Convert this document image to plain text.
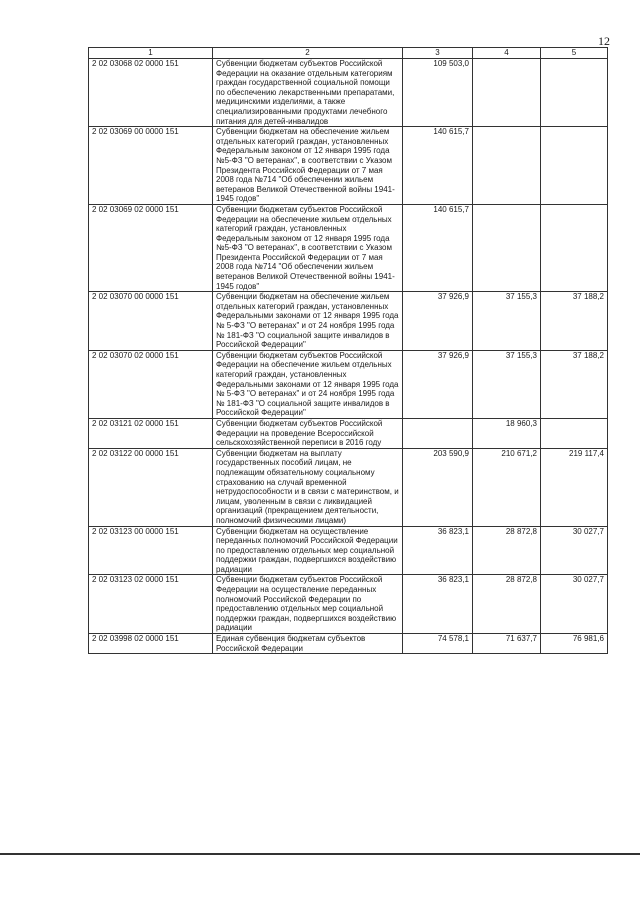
12
1	2	3	4	5
2 02 03068 02 0000 151	Субвенции бюджетам субъектов Российской Федерации на оказание отдельным категориям граждан государственной социальной помощи по обеспечению лекарственными препаратами, медицинскими изделиями, а также специализированными продуктами лечебного питания для детей-инвалидов	109 503,0		
2 02 03069 00 0000 151	Субвенции бюджетам на обеспечение жильем отдельных категорий граждан, установленных Федеральным законом от 12 января 1995 года №5-ФЗ "О ветеранах", в соответствии с Указом Президента Российской Федерации от 7 мая 2008 года №714 "Об обеспечении жильем ветеранов Великой Отечественной войны 1941-1945 годов"	140 615,7		
2 02 03069 02 0000 151	Субвенции бюджетам субъектов Российской Федерации на обеспечение жильем отдельных категорий граждан, установленных Федеральным законом от 12 января 1995 года №5-ФЗ "О ветеранах", в соответствии с Указом Президента Российской Федерации от 7 мая 2008 года №714 "Об обеспечении жильем ветеранов Великой Отечественной войны 1941-1945 годов"	140 615,7		
2 02 03070 00 0000 151	Субвенции бюджетам на обеспечение жильем отдельных категорий граждан, установленных Федеральными законами от 12 января 1995 года № 5-ФЗ "О ветеранах" и от 24 ноября 1995 года № 181-ФЗ "О социальной защите инвалидов в Российской Федерации"	37 926,9	37 155,3	37 188,2
2 02 03070 02 0000 151	Субвенции бюджетам субъектов Российской Федерации на обеспечение жильем отдельных категорий граждан, установленных Федеральными законами от 12 января 1995 года № 5-ФЗ "О ветеранах" и от 24 ноября 1995 года № 181-ФЗ "О социальной защите инвалидов в Российской Федерации"	37 926,9	37 155,3	37 188,2
2 02 03121 02 0000 151	Субвенции бюджетам субъектов Российской Федерации на проведение Всероссийской сельскохозяйственной переписи в 2016 году		18 960,3	
2 02 03122 00 0000 151	Субвенции бюджетам на выплату государственных пособий лицам, не подлежащим обязательному социальному страхованию на случай временной нетрудоспособности и в связи с материнством, и лицам, уволенным в связи с ликвидацией организаций (прекращением деятельности, полномочий физическими лицами)	203 590,9	210 671,2	219 117,4
2 02 03123 00 0000 151	Субвенции бюджетам на осуществление переданных полномочий Российской Федерации по предоставлению отдельных мер социальной поддержки граждан, подвергшихся воздействию радиации	36 823,1	28 872,8	30 027,7
2 02 03123 02 0000 151	Субвенции бюджетам субъектов Российской Федерации на осуществление переданных полномочий Российской Федерации по предоставлению отдельных мер социальной поддержки граждан, подвергшихся воздействию радиации	36 823,1	28 872,8	30 027,7
2 02 03998 02 0000 151	Единая субвенция бюджетам субъектов Российской Федерации	74 578,1	71 637,7	76 981,6
